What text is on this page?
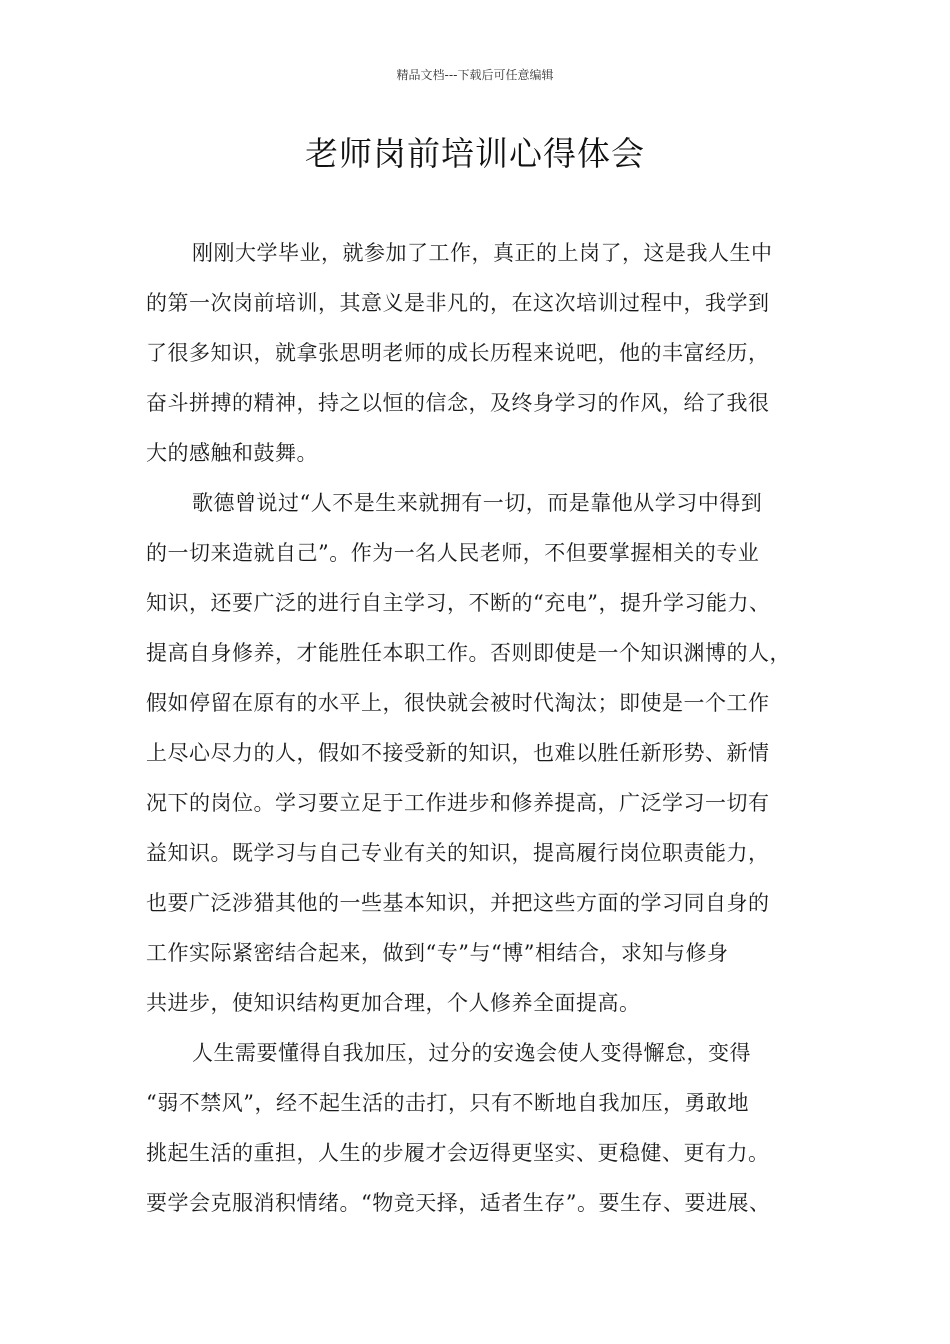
精品文档---下载后可任意编辑
老师岗前培训心得体会
刚刚大学毕业，就参加了工作，真正的上岗了，这是我人生中
的第一次岗前培训，其意义是非凡的，在这次培训过程中，我学到
了很多知识，就拿张思明老师的成长历程来说吧，他的丰富经历，
奋斗拼搏的精神，持之以恒的信念，及终身学习的作风，给了我很
大的感触和鼓舞。
歌德曾说过“人不是生来就拥有一切，而是靠他从学习中得到
的一切来造就自己”。作为一名人民老师，不但要掌握相关的专业
知识，还要广泛的进行自主学习，不断的“充电”，提升学习能力、
提高自身修养，才能胜任本职工作。否则即使是一个知识渊博的人，
假如停留在原有的水平上，很快就会被时代淘汰；即使是一个工作
上尽心尽力的人，假如不接受新的知识，也难以胜任新形势、新情
况下的岗位。学习要立足于工作进步和修养提高，广泛学习一切有
益知识。既学习与自己专业有关的知识，提高履行岗位职责能力，
也要广泛涉猎其他的一些基本知识，并把这些方面的学习同自身的
工作实际紧密结合起来，做到“专”与“博”相结合，求知与修身
共进步，使知识结构更加合理，个人修养全面提高。
人生需要懂得自我加压，过分的安逸会使人变得懈怠，变得
“弱不禁风”，经不起生活的击打，只有不断地自我加压，勇敢地
挑起生活的重担，人生的步履才会迈得更坚实、更稳健、更有力。
要学会克服消积情绪。“物竞天择，适者生存”。要生存、要进展、
